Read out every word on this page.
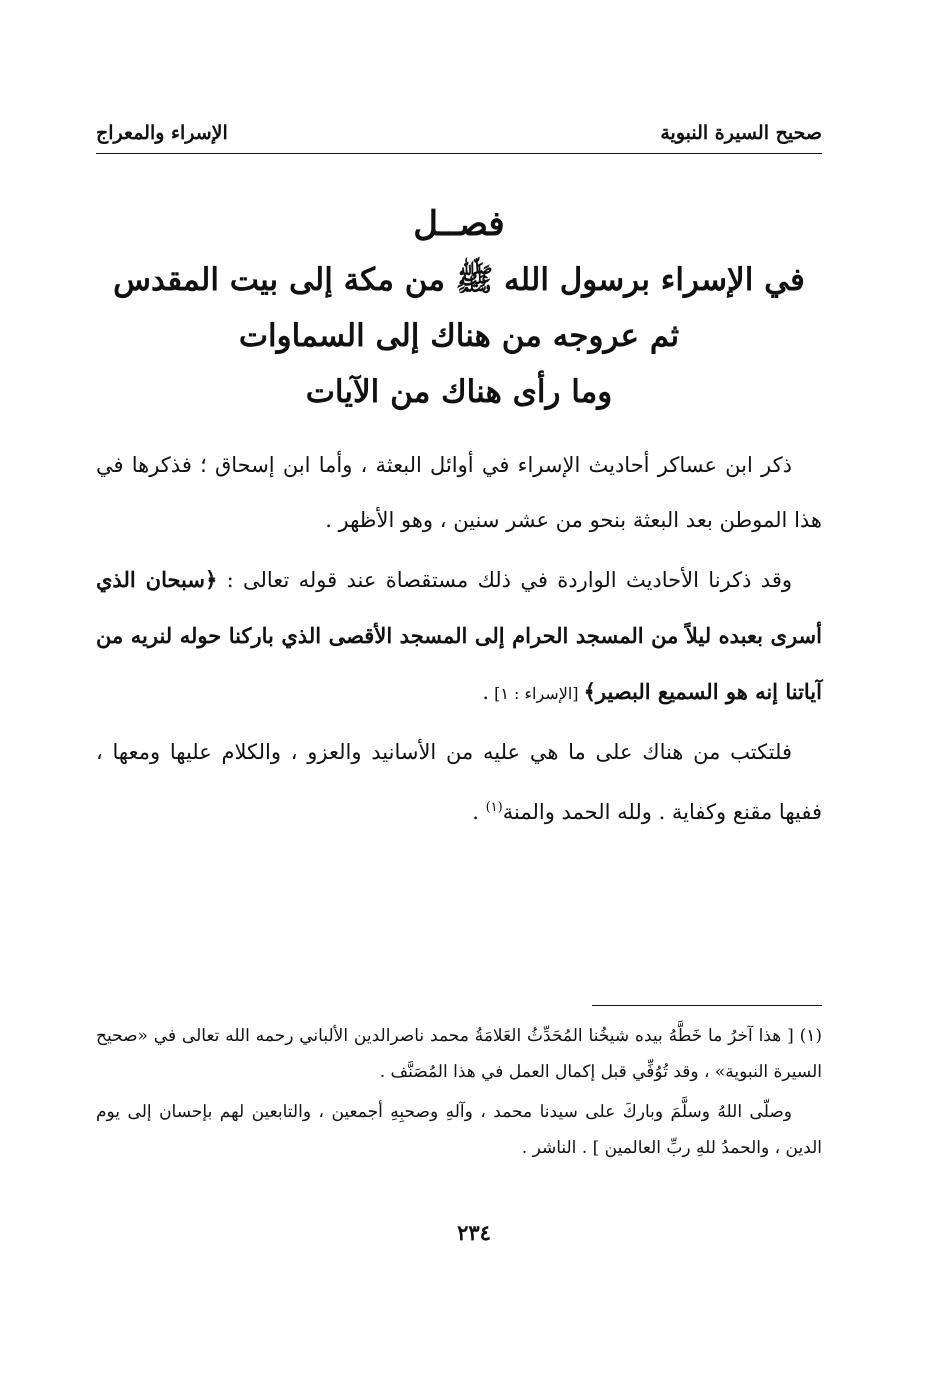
صحيح السيرة النبوية
الإسراء والمعراج
فصــل
في الإسراء برسول الله ﷺ من مكة إلى بيت المقدس
ثم عروجه من هناك إلى السماوات
وما رأى هناك من الآيات

ذكر ابن عساكر أحاديث الإسراء في أوائل البعثة ، وأما ابن إسحاق ؛ فذكرها في هذا الموطن بعد البعثة بنحو من عشر سنين ، وهو الأظهر .

وقد ذكرنا الأحاديث الواردة في ذلك مستقصاة عند قوله تعالى : ﴿سبحان الذي أسرى بعبده ليلاً من المسجد الحرام إلى المسجد الأقصى الذي باركنا حوله لنريه من آياتنا إنه هو السميع البصير﴾ [الإسراء : ١] .

فلتكتب من هناك على ما هي عليه من الأسانيد والعزو ، والكلام عليها ومعها ، ففيها مقنع وكفاية . ولله الحمد والمنة$^{(١)}$ .

(١) [ هذا آخرُ ما خَطَّهُ بيده شيخُنا المُحَدِّثُ العَلامَةُ محمد ناصرالدين الألباني رحمه الله تعالى في «صحيح السيرة النبوية» ، وقد تُوُفِّي قبل إكمال العمل في هذا المُصَنَّف .

وصلّى اللهُ وسلَّمَ وباركَ على سيدنا محمد ، وآلهِ وصحبِهِ أجمعين ، والتابعين لهم بإحسان إلى يوم الدين ، والحمدُ للهِ ربِّ العالمين ] . الناشر .

٢٣٤
